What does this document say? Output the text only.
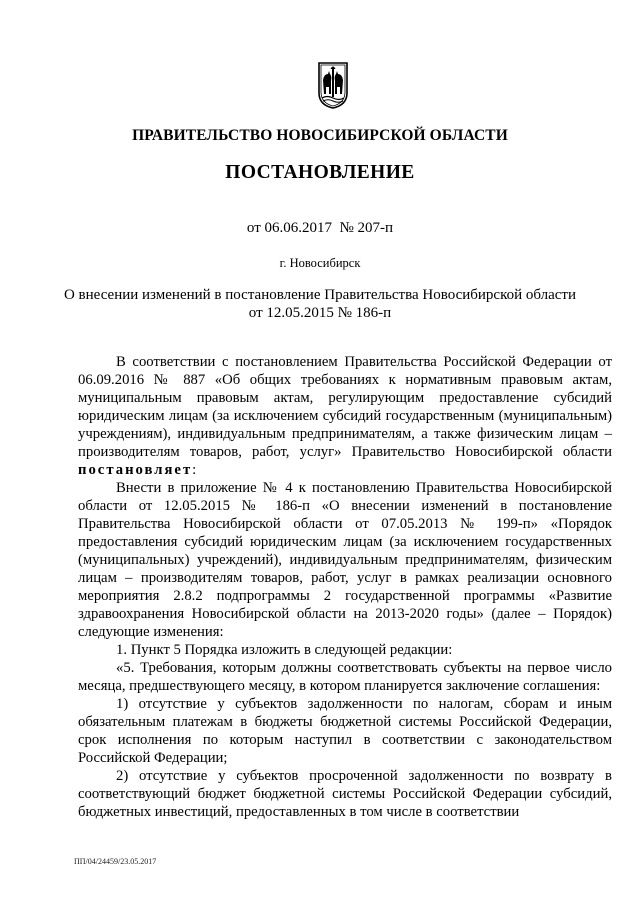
ПРАВИТЕЛЬСТВО НОВОСИБИРСКОЙ ОБЛАСТИ
ПОСТАНОВЛЕНИЕ
от 06.06.2017  № 207-п
г. Новосибирск
О внесении изменений в постановление Правительства Новосибирской области
от 12.05.2015 № 186-п

В соответствии с постановлением Правительства Российской Федерации от 06.09.2016 № 887 «Об общих требованиях к нормативным правовым актам, муниципальным правовым актам, регулирующим предоставление субсидий юридическим лицам (за исключением субсидий государственным (муниципальным) учреждениям), индивидуальным предпринимателям, а также физическим лицам – производителям товаров, работ, услуг» Правительство Новосибирской области постановляет:

Внести в приложение № 4 к постановлению Правительства Новосибирской области от 12.05.2015 № 186-п «О внесении изменений в постановление Правительства Новосибирской области от 07.05.2013 № 199-п» «Порядок предоставления субсидий юридическим лицам (за исключением государственных (муниципальных) учреждений), индивидуальным предпринимателям, физическим лицам – производителям товаров, работ, услуг в рамках реализации основного мероприятия 2.8.2 подпрограммы 2 государственной программы «Развитие здравоохранения Новосибирской области на 2013-2020 годы» (далее – Порядок) следующие изменения:

1. Пункт 5 Порядка изложить в следующей редакции:

«5. Требования, которым должны соответствовать субъекты на первое число месяца, предшествующего месяцу, в котором планируется заключение соглашения:

1) отсутствие у субъектов задолженности по налогам, сборам и иным обязательным платежам в бюджеты бюджетной системы Российской Федерации, срок исполнения по которым наступил в соответствии с законодательством Российской Федерации;

2) отсутствие у субъектов просроченной задолженности по возврату в соответствующий бюджет бюджетной системы Российской Федерации субсидий, бюджетных инвестиций, предоставленных в том числе в соответствии

ПП/04/24459/23.05.2017
